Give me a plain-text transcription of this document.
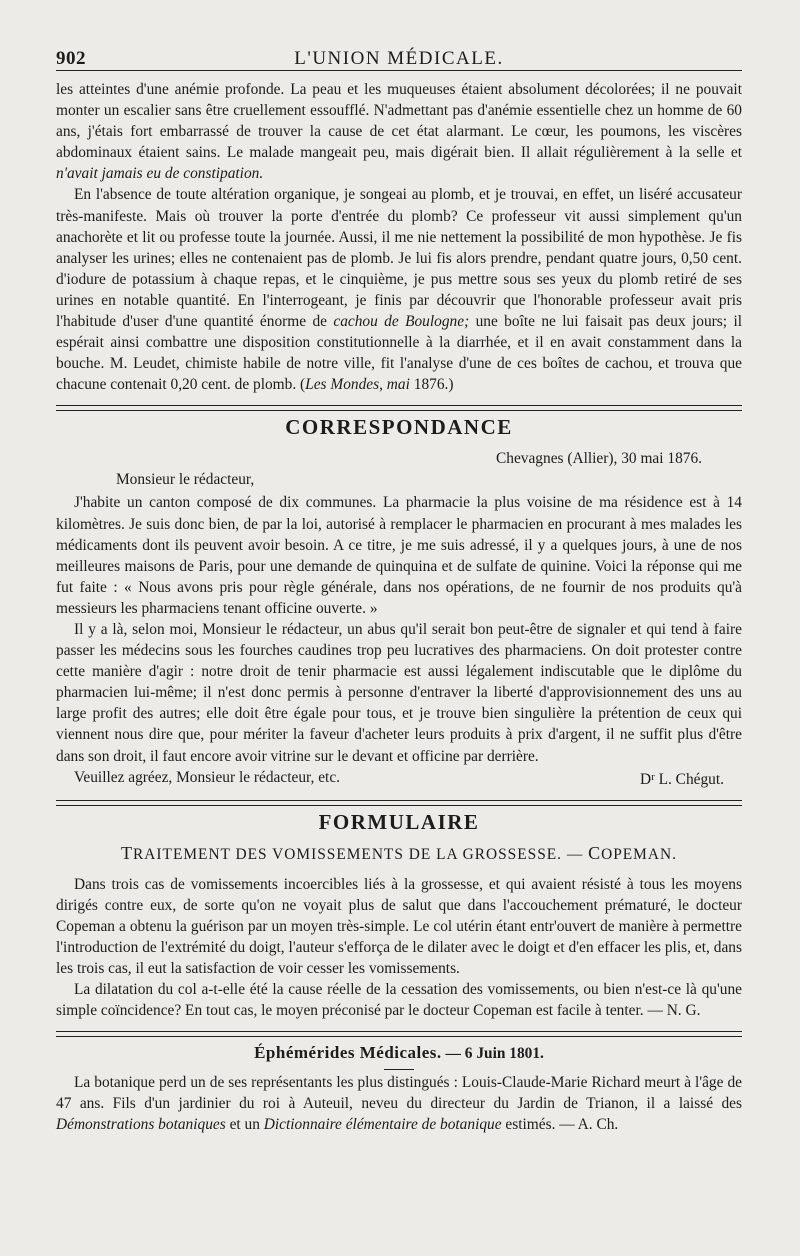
902	L'UNION MÉDICALE.

les atteintes d'une anémie profonde. La peau et les muqueuses étaient absolument décolorées; il ne pouvait monter un escalier sans être cruellement essoufflé. N'admettant pas d'anémie essentielle chez un homme de 60 ans, j'étais fort embarrassé de trouver la cause de cet état alarmant. Le cœur, les poumons, les viscères abdominaux étaient sains. Le malade mangeait peu, mais digérait bien. Il allait régulièrement à la selle et n'avait jamais eu de constipation.

En l'absence de toute altération organique, je songeai au plomb, et je trouvai, en effet, un liséré accusateur très-manifeste. Mais où trouver la porte d'entrée du plomb? Ce professeur vit aussi simplement qu'un anachorète et lit ou professe toute la journée. Aussi, il me nie nettement la possibilité de mon hypothèse. Je fis analyser les urines; elles ne contenaient pas de plomb. Je lui fis alors prendre, pendant quatre jours, 0,50 cent. d'iodure de potassium à chaque repas, et le cinquième, je pus mettre sous ses yeux du plomb retiré de ses urines en notable quantité. En l'interrogeant, je finis par découvrir que l'honorable professeur avait pris l'habitude d'user d'une quantité énorme de cachou de Boulogne; une boîte ne lui faisait pas deux jours; il espérait ainsi combattre une disposition constitutionnelle à la diarrhée, et il en avait constamment dans la bouche. M. Leudet, chimiste habile de notre ville, fit l'analyse d'une de ces boîtes de cachou, et trouva que chacune contenait 0,20 cent. de plomb. (Les Mondes, mai 1876.)

CORRESPONDANCE
Chevagnes (Allier), 30 mai 1876.
Monsieur le rédacteur,

J'habite un canton composé de dix communes. La pharmacie la plus voisine de ma résidence est à 14 kilomètres. Je suis donc bien, de par la loi, autorisé à remplacer le pharmacien en procurant à mes malades les médicaments dont ils peuvent avoir besoin. A ce titre, je me suis adressé, il y a quelques jours, à une de nos meilleures maisons de Paris, pour une demande de quinquina et de sulfate de quinine. Voici la réponse qui me fut faite : « Nous avons pris pour règle générale, dans nos opérations, de ne fournir de nos produits qu'à messieurs les pharmaciens tenant officine ouverte. »

Il y a là, selon moi, Monsieur le rédacteur, un abus qu'il serait bon peut-être de signaler et qui tend à faire passer les médecins sous les fourches caudines trop peu lucratives des pharmaciens. On doit protester contre cette manière d'agir : notre droit de tenir pharmacie est aussi légalement indiscutable que le diplôme du pharmacien lui-même; il n'est donc permis à personne d'entraver la liberté d'approvisionnement des uns au large profit des autres; elle doit être égale pour tous, et je trouve bien singulière la prétention de ceux qui viennent nous dire que, pour mériter la faveur d'acheter leurs produits à prix d'argent, il ne suffit plus d'être dans son droit, il faut encore avoir vitrine sur le devant et officine par derrière.

Veuillez agréez, Monsieur le rédacteur, etc.	$D^r$ L. Chégut.
FORMULAIRE
TRAITEMENT DES VOMISSEMENTS DE LA GROSSESSE. — COPEMAN.

Dans trois cas de vomissements incoercibles liés à la grossesse, et qui avaient résisté à tous les moyens dirigés contre eux, de sorte qu'on ne voyait plus de salut que dans l'accouchement prématuré, le docteur Copeman a obtenu la guérison par un moyen très-simple. Le col utérin étant entr'ouvert de manière à permettre l'introduction de l'extrémité du doigt, l'auteur s'efforça de le dilater avec le doigt et d'en effacer les plis, et, dans les trois cas, il eut la satisfaction de voir cesser les vomissements.

La dilatation du col a-t-elle été la cause réelle de la cessation des vomissements, ou bien n'est-ce là qu'une simple coïncidence? En tout cas, le moyen préconisé par le docteur Copeman est facile à tenter. — N. G.

Éphémérides Médicales. — 6 Juin 1801.

La botanique perd un de ses représentants les plus distingués : Louis-Claude-Marie Richard meurt à l'âge de 47 ans. Fils d'un jardinier du roi à Auteuil, neveu du directeur du Jardin de Trianon, il a laissé des Démonstrations botaniques et un Dictionnaire élémentaire de botanique estimés. — A. Ch.
